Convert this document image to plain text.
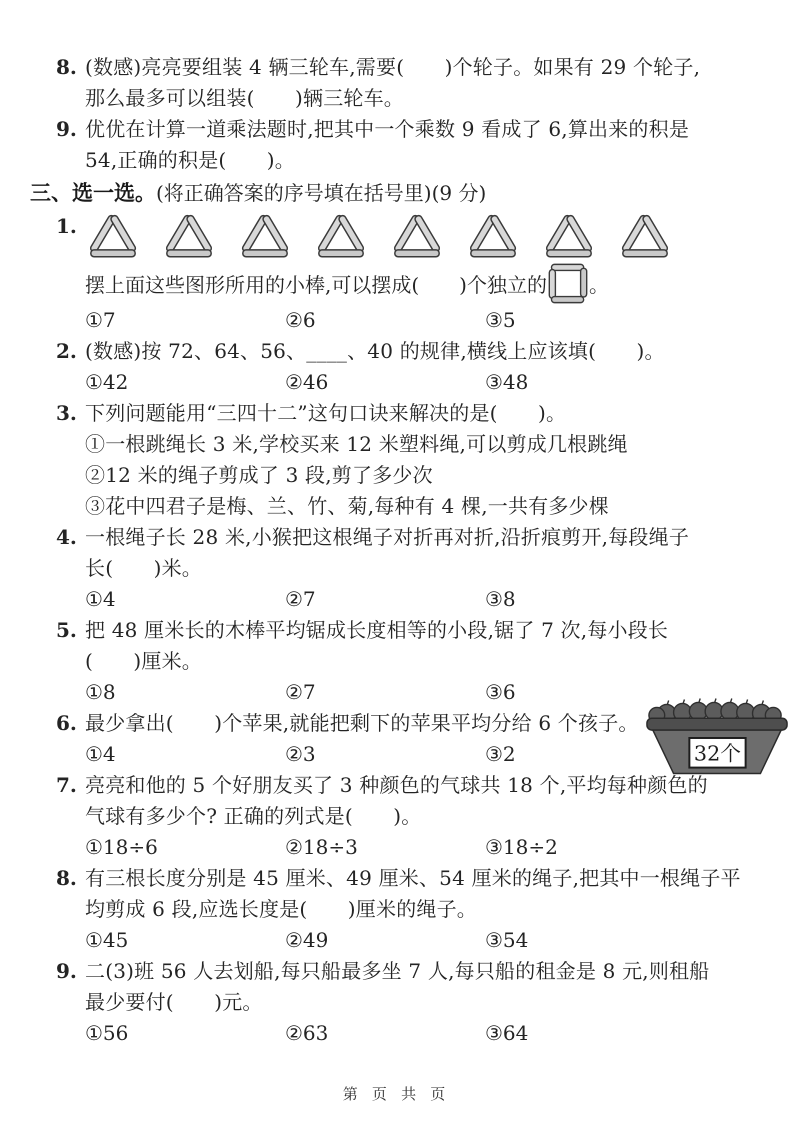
8. (数感)亮亮要组装 4 辆三轮车,需要(　　)个轮子。如果有 29 个轮子,
那么最多可以组装(　　)辆三轮车。
9. 优优在计算一道乘法题时,把其中一个乘数 9 看成了 6,算出来的积是
54,正确的积是(　　)。
三、选一选。(将正确答案的序号填在括号里)(9 分)
1.
摆上面这些图形所用的小棒,可以摆成(　　)个独立的 。
①7	②6	③5
2. (数感)按 72、64、56、____、40 的规律,横线上应该填(　　)。
①42	②46	③48
3. 下列问题能用“三四十二”这句口诀来解决的是(　　)。
①一根跳绳长 3 米,学校买来 12 米塑料绳,可以剪成几根跳绳
②12 米的绳子剪成了 3 段,剪了多少次
③花中四君子是梅、兰、竹、菊,每种有 4 棵,一共有多少棵
4. 一根绳子长 28 米,小猴把这根绳子对折再对折,沿折痕剪开,每段绳子
长(　　)米。
①4	②7	③8
5. 把 48 厘米长的木棒平均锯成长度相等的小段,锯了 7 次,每小段长
(　　)厘米。
①8	②7	③6
6. 最少拿出(　　)个苹果,就能把剩下的苹果平均分给 6 个孩子。
①4	②3	③2	32个
7. 亮亮和他的 5 个好朋友买了 3 种颜色的气球共 18 个,平均每种颜色的
气球有多少个? 正确的列式是(　　)。
①18÷6	②18÷3	③18÷2
8. 有三根长度分别是 45 厘米、49 厘米、54 厘米的绳子,把其中一根绳子平
均剪成 6 段,应选长度是(　　)厘米的绳子。
①45	②49	③54
9. 二(3)班 56 人去划船,每只船最多坐 7 人,每只船的租金是 8 元,则租船
最少要付(　　)元。
①56	②63	③64
第 页 共 页
